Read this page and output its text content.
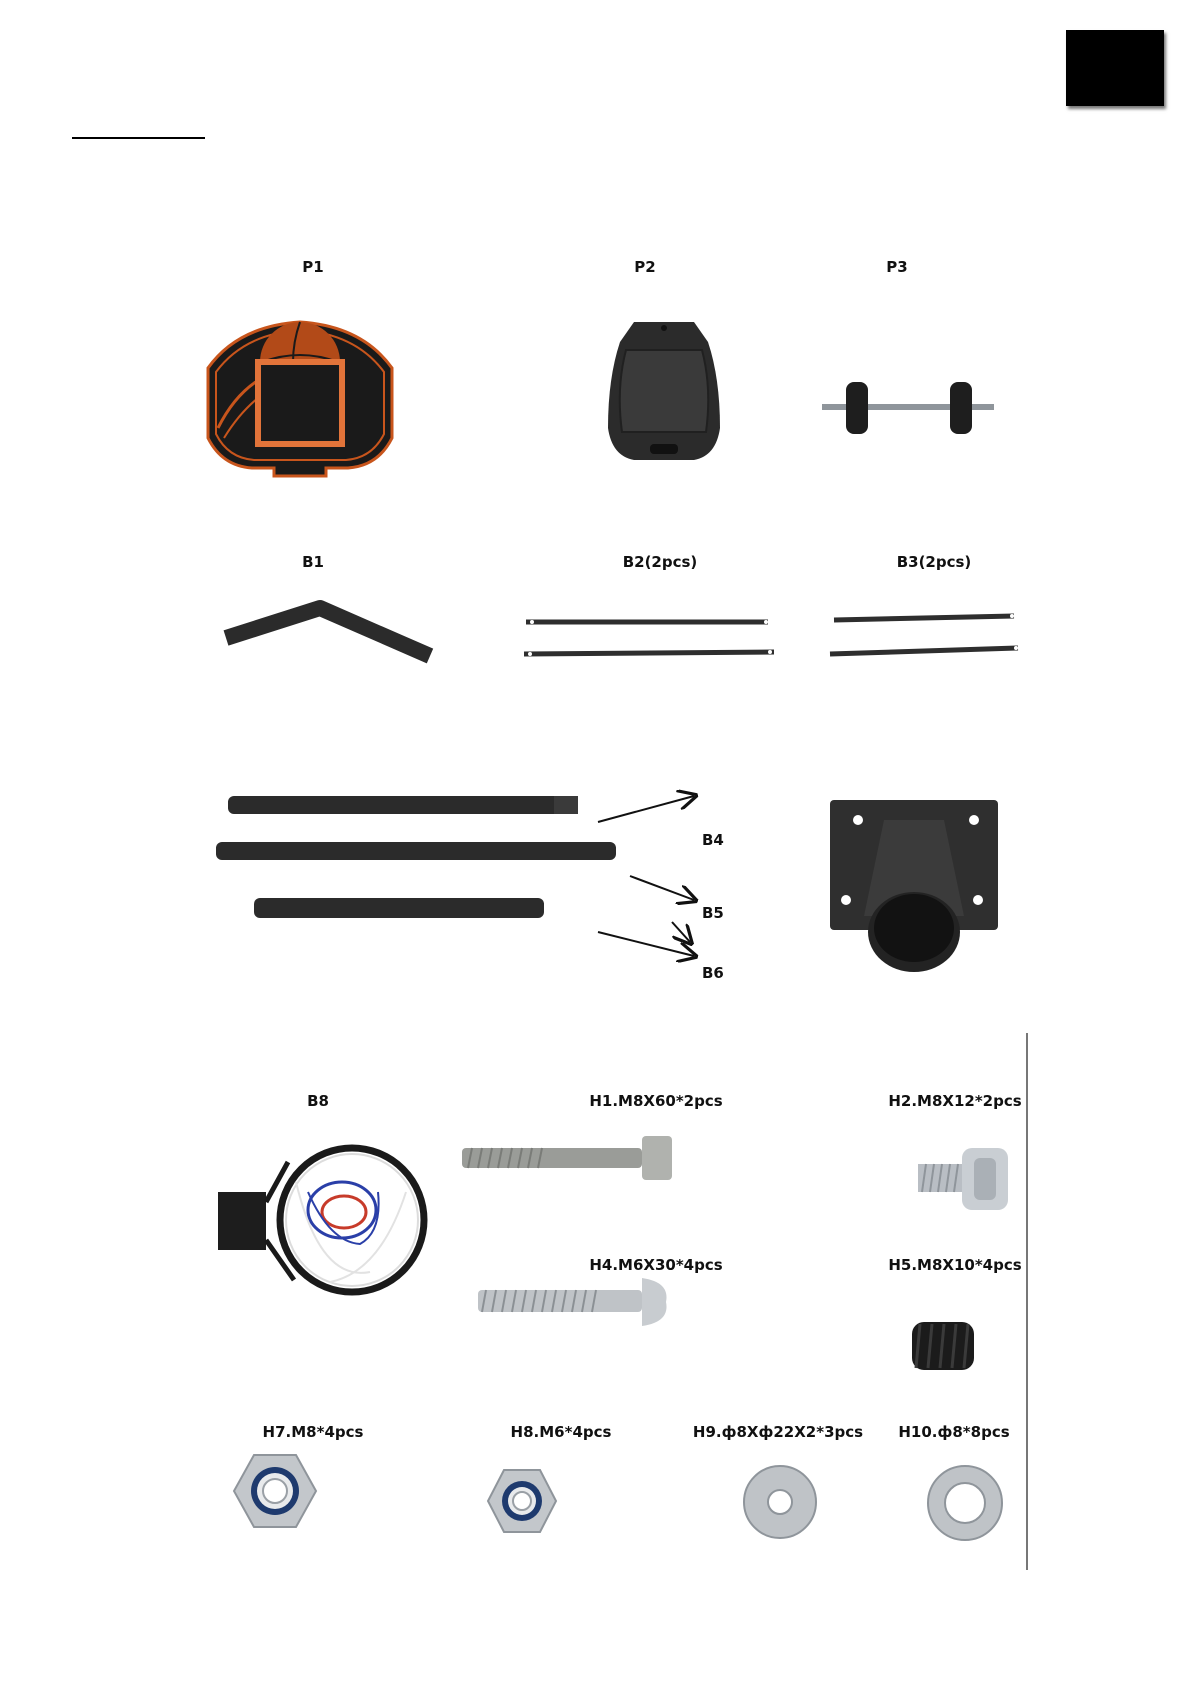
P1	P2	P3
B1	B2(2pcs)	B3(2pcs)
B4
B5
B6
B8	H1.M8X60*2pcs	H2.M8X12*2pcs
H4.M6X30*4pcs	H5.M8X10*4pcs
H7.M8*4pcs	H8.M6*4pcs	H9.ф8Xф22X2*3pcs H10.ф8*8pcs
